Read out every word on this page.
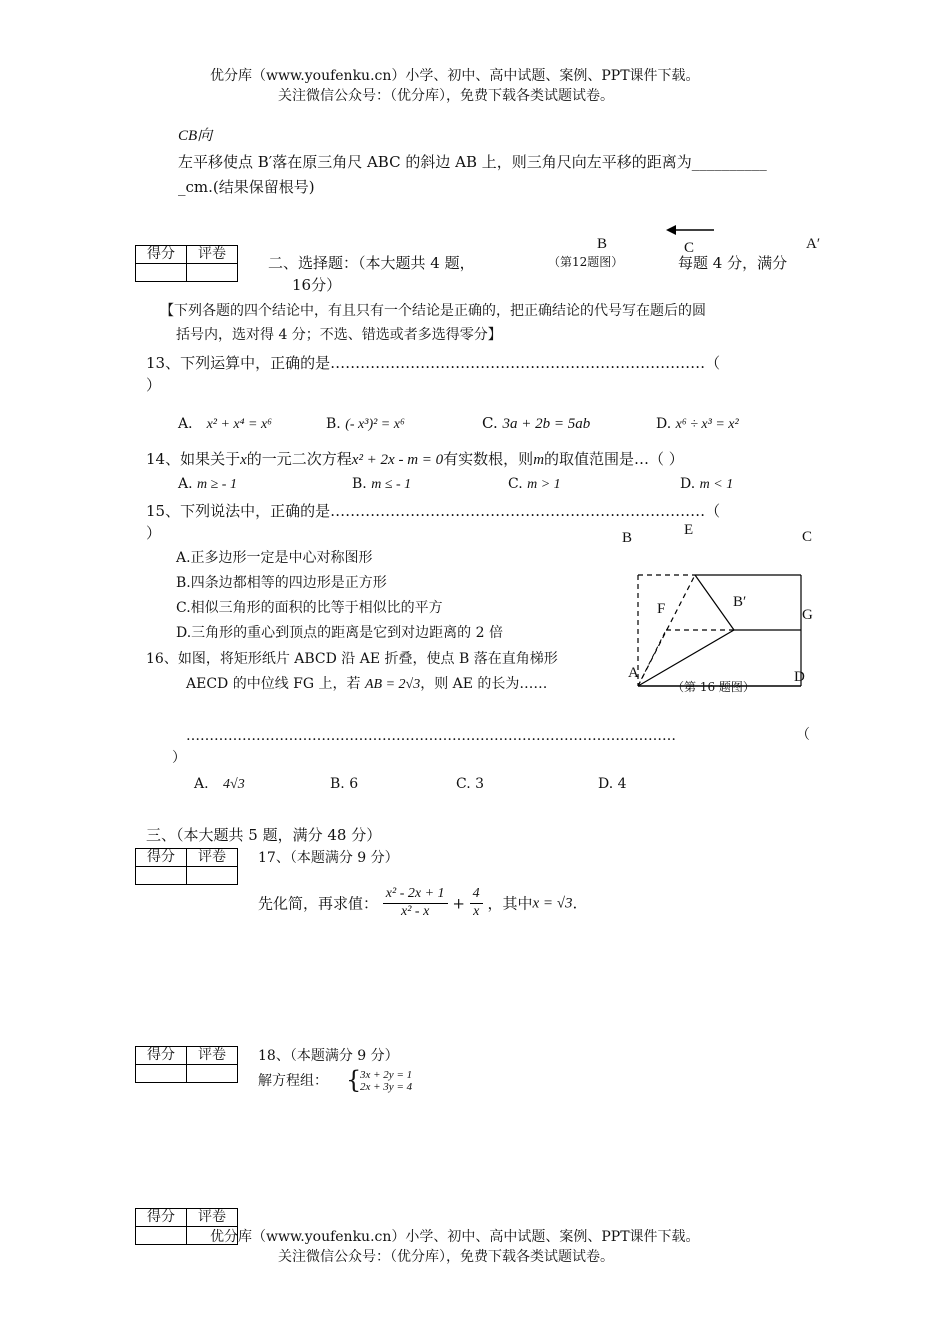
优分库（www.youfenku.cn）小学、初中、高中试题、案例、PPT课件下载。
关注微信公众号：（优分库），免费下载各类试题试卷。
CB向
左平移使点 B′落在原三角尺 ABC 的斜边 AB 上，则三角尺向左平移的距离为__________
_cm.(结果保留根号)
B	C	A′
（第12题图）
得分	评卷
		二、选择题：（本大题共 4 题，	每题 4 分，满分
16分）
【下列各题的四个结论中，有且只有一个结论是正确的，把正确结论的代号写在题后的圆
括号内，选对得 4 分；不选、错选或者多选得零分】
13、下列运算中，正确的是…………………………………………………………………（
）
A． x² + x⁴ = x⁶	B. (- x³)² = x⁶	C. 3a + 2b = 5ab	D. x⁶ ÷ x³ = x²
14、如果关于x的一元二次方程x² + 2x - m = 0有实数根，则m的取值范围是…（ ）
A. m ≥ - 1	B. m ≤ - 1	C. m > 1	D. m < 1
15、下列说法中，正确的是…………………………………………………………………（
）
A.正多边形一定是中心对称图形
B.四条边都相等的四边形是正方形
C.相似三角形的面积的比等于相似比的平方
D.三角形的重心到顶点的距离是它到对边距离的 2 倍
B	E	C
F	B′
G
A	D
（第 16 题图）
16、如图，将矩形纸片 ABCD 沿 AE 折叠，使点 B 落在直角梯形
AECD 的中位线 FG 上，若 AB = 2√3，则 AE 的长为……
……………………………………………………………………………………………	（
）
A. 4√3	B. 6	C. 3	D. 4
三、（本大题共 5 题，满分 48 分）
得分	评卷
	17、（本题满分 9 分）
先化简，再求值： $\frac{\text{x² - 2x + 1}}{\text{x² - x}} + \frac{4}{x}$ ，其中x = √3.
得分	评卷
	18、（本题满分 9 分）
解方程组： {
3x + 2y = 1
2x + 3y = 4
得分	评卷

优分库（www.youfenku.cn）小学、初中、高中试题、案例、PPT课件下载。
关注微信公众号：（优分库），免费下载各类试题试卷。
